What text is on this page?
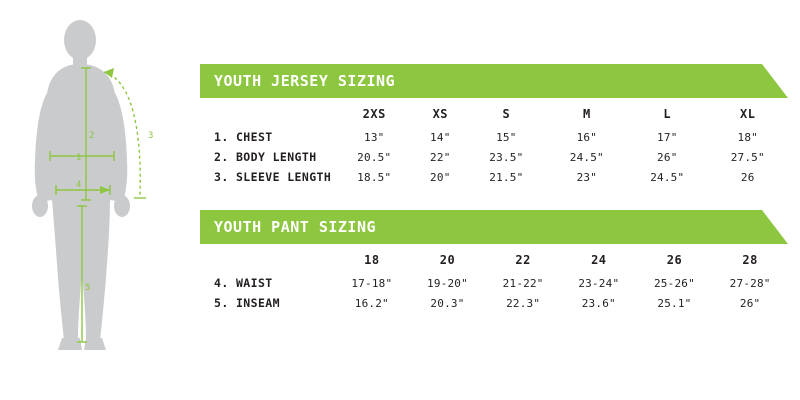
1
2	3
4
5
YOUTH JERSEY SIZING
	2XS	XS	S	M	L	XL
1. CHEST	13"	14"	15"	16"	17"	18"
2. BODY LENGTH	20.5"	22"	23.5"	24.5"	26"	27.5"
3. SLEEVE LENGTH	18.5"	20"	21.5"	23"	24.5"	26
YOUTH PANT SIZING
	18	20	22	24	26	28
4. WAIST	17-18"	19-20"	21-22"	23-24"	25-26"	27-28"
5. INSEAM	16.2"	20.3"	22.3"	23.6"	25.1"	26"
